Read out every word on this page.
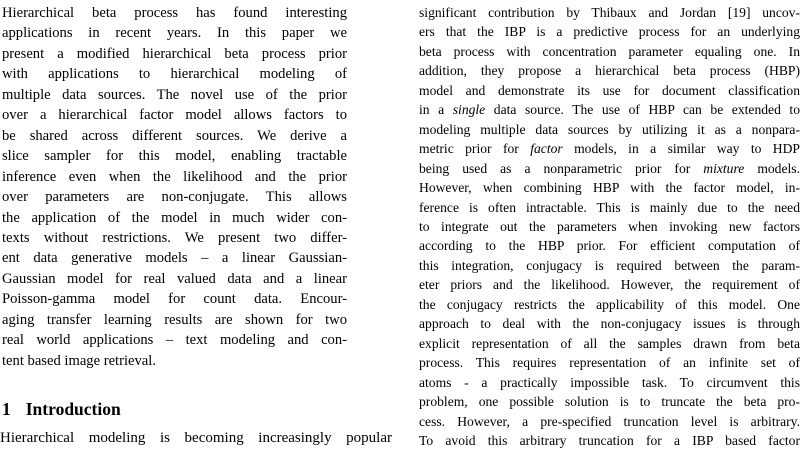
Hierarchical beta process has found interesting
applications in recent years. In this paper we
present a modified hierarchical beta process prior
with applications to hierarchical modeling of
multiple data sources. The novel use of the prior
over a hierarchical factor model allows factors to
be shared across different sources. We derive a
slice sampler for this model, enabling tractable
inference even when the likelihood and the prior
over parameters are non-conjugate. This allows
the application of the model in much wider con-
texts without restrictions. We present two differ-
ent data generative models – a linear Gaussian-
Gaussian model for real valued data and a linear
Poisson-gamma model for count data. Encour-
aging transfer learning results are shown for two
real world applications – text modeling and con-
tent based image retrieval.
1 Introduction
Hierarchical modeling is becoming increasingly popular
significant contribution by Thibaux and Jordan [19] uncov-
ers that the IBP is a predictive process for an underlying
beta process with concentration parameter equaling one. In
addition, they propose a hierarchical beta process (HBP)
model and demonstrate its use for document classification
in a single data source. The use of HBP can be extended to
modeling multiple data sources by utilizing it as a nonpara-
metric prior for factor models, in a similar way to HDP
being used as a nonparametric prior for mixture models.
However, when combining HBP with the factor model, in-
ference is often intractable. This is mainly due to the need
to integrate out the parameters when invoking new factors
according to the HBP prior. For efficient computation of
this integration, conjugacy is required between the param-
eter priors and the likelihood. However, the requirement of
the conjugacy restricts the applicability of this model. One
approach to deal with the non-conjugacy issues is through
explicit representation of all the samples drawn from beta
process. This requires representation of an infinite set of
atoms - a practically impossible task. To circumvent this
problem, one possible solution is to truncate the beta pro-
cess. However, a pre-specified truncation level is arbitrary.
To avoid this arbitrary truncation for a IBP based factor
